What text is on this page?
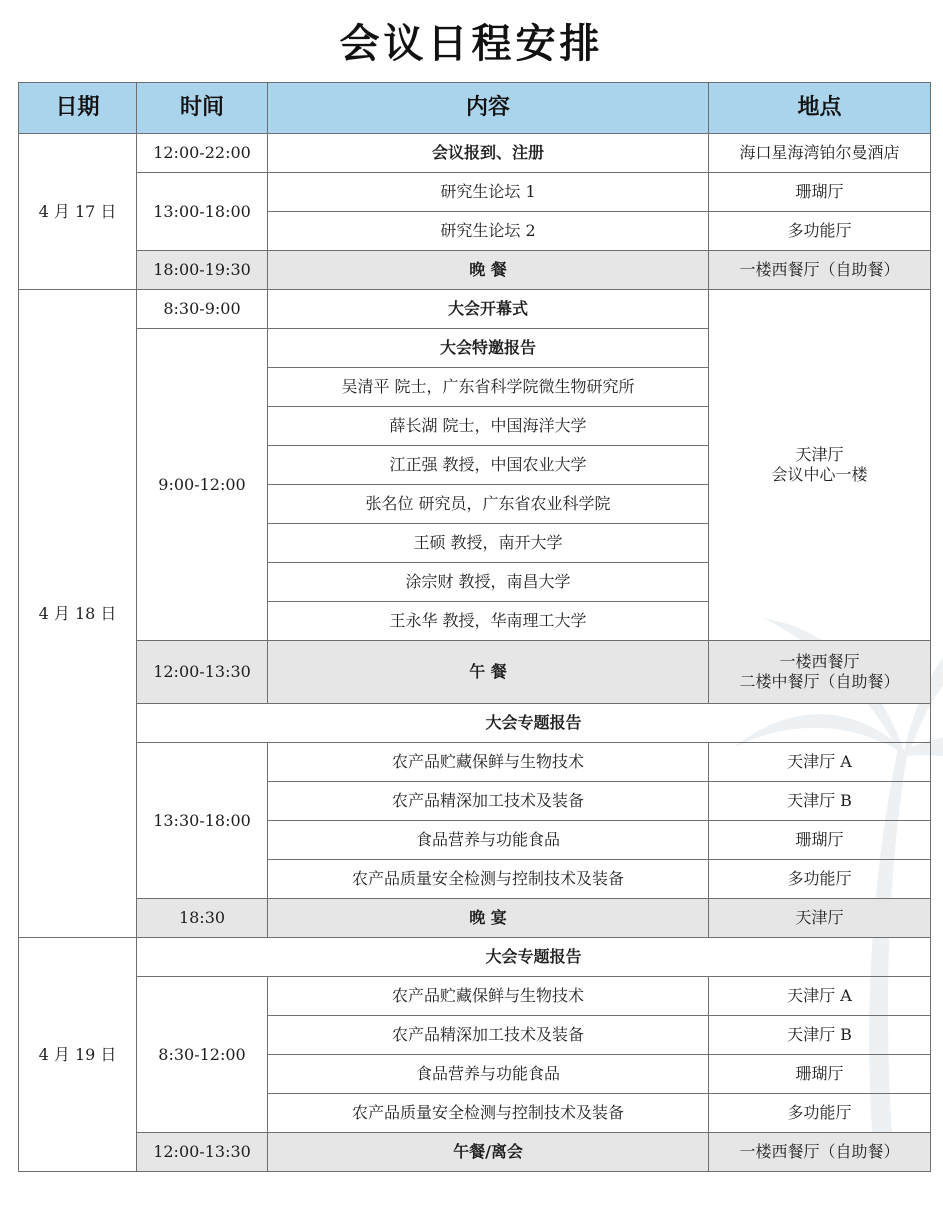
会议日程安排
日期	时间	内容	地点
4 月 17 日	12:00-22:00	会议报到、注册	海口星海湾铂尔曼酒店
	13:00-18:00	研究生论坛 1	珊瑚厅
		研究生论坛 2	多功能厅
	18:00-19:30	晚 餐	一楼西餐厅（自助餐）
4 月 18 日	8:30-9:00	大会开幕式	天津厅
会议中心一楼

	9:00-12:00	大会特邀报告	
		吴清平 院士，广东省科学院微生物研究所	
		薛长湖 院士，中国海洋大学	
		江正强 教授，中国农业大学	
		张名位 研究员，广东省农业科学院	
		王硕 教授，南开大学	
		涂宗财 教授，南昌大学	
		王永华 教授，华南理工大学	
	12:00-13:30	午 餐	一楼西餐厅
二楼中餐厅（自助餐）

	大会专题报告		
	13:30-18:00	农产品贮藏保鲜与生物技术	天津厅 A
		农产品精深加工技术及装备	天津厅 B
		食品营养与功能食品	珊瑚厅
		农产品质量安全检测与控制技术及装备	多功能厅
	18:30	晚 宴	天津厅
4 月 19 日	大会专题报告		
	8:30-12:00	农产品贮藏保鲜与生物技术	天津厅 A
		农产品精深加工技术及装备	天津厅 B
		食品营养与功能食品	珊瑚厅
		农产品质量安全检测与控制技术及装备	多功能厅
	12:00-13:30	午餐/离会	一楼西餐厅（自助餐）
